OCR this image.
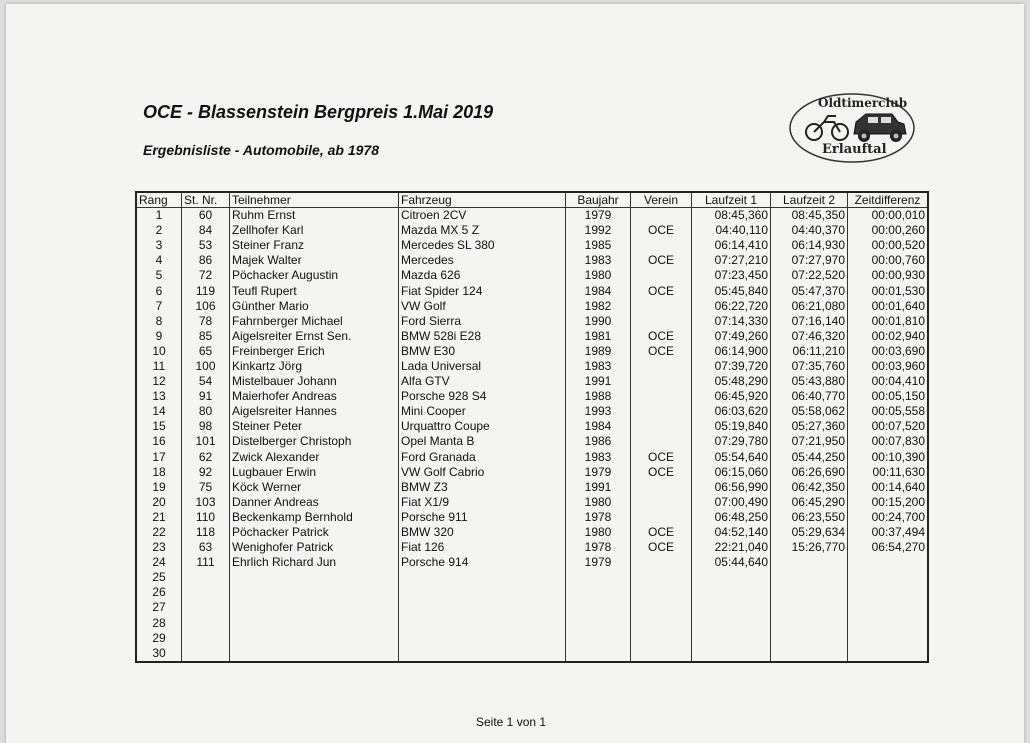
OCE - Blassenstein Bergpreis 1.Mai 2019
Ergebnisliste - Automobile, ab 1978
Seite 1 von 1
Oldtimerclub
Erlauftal
Rang	St. Nr.	Teilnehmer	Fahrzeug	Baujahr	Verein	Laufzeit 1	Laufzeit 2	Zeitdifferenz
1	60	Ruhm Ernst	Citroen 2CV	1979		08:45,360	08:45,350	00:00,010
2	84	Zellhofer Karl	Mazda MX 5 Z	1992	OCE	04:40,110	04:40,370	00:00,260
3	53	Steiner Franz	Mercedes SL 380	1985		06:14,410	06:14,930	00:00,520
4	86	Majek Walter	Mercedes	1983	OCE	07:27,210	07:27,970	00:00,760
5	72	Pöchacker Augustin	Mazda 626	1980		07:23,450	07:22,520	00:00,930
6	119	Teufl Rupert	Fiat Spider 124	1984	OCE	05:45,840	05:47,370	00:01,530
7	106	Günther Mario	VW Golf	1982		06:22,720	06:21,080	00:01,640
8	78	Fahrnberger Michael	Ford Sierra	1990		07:14,330	07:16,140	00:01,810
9	85	Aigelsreiter Ernst Sen.	BMW 528i E28	1981	OCE	07:49,260	07:46,320	00:02,940
10	65	Freinberger Erich	BMW E30	1989	OCE	06:14,900	06:11,210	00:03,690
11	100	Kinkartz Jörg	Lada Universal	1983		07:39,720	07:35,760	00:03,960
12	54	Mistelbauer Johann	Alfa GTV	1991		05:48,290	05:43,880	00:04,410
13	91	Maierhofer Andreas	Porsche 928 S4	1988		06:45,920	06:40,770	00:05,150
14	80	Aigelsreiter Hannes	Mini Cooper	1993		06:03,620	05:58,062	00:05,558
15	98	Steiner Peter	Urquattro Coupe	1984		05:19,840	05:27,360	00:07,520
16	101	Distelberger Christoph	Opel Manta B	1986		07:29,780	07:21,950	00:07,830
17	62	Zwick Alexander	Ford Granada	1983	OCE	05:54,640	05:44,250	00:10,390
18	92	Lugbauer Erwin	VW Golf Cabrio	1979	OCE	06:15,060	06:26,690	00:11,630
19	75	Köck Werner	BMW Z3	1991		06:56,990	06:42,350	00:14,640
20	103	Danner Andreas	Fiat X1/9	1980		07:00,490	06:45,290	00:15,200
21	110	Beckenkamp Bernhold	Porsche 911	1978		06:48,250	06:23,550	00:24,700
22	118	Pöchacker Patrick	BMW 320	1980	OCE	04:52,140	05:29,634	00:37,494
23	63	Wenighofer Patrick	Fiat 126	1978	OCE	22:21,040	15:26,770	06:54,270
24	111	Ehrlich Richard Jun	Porsche 914	1979		05:44,640		
25								
26								
27								
28								
29								
30								
